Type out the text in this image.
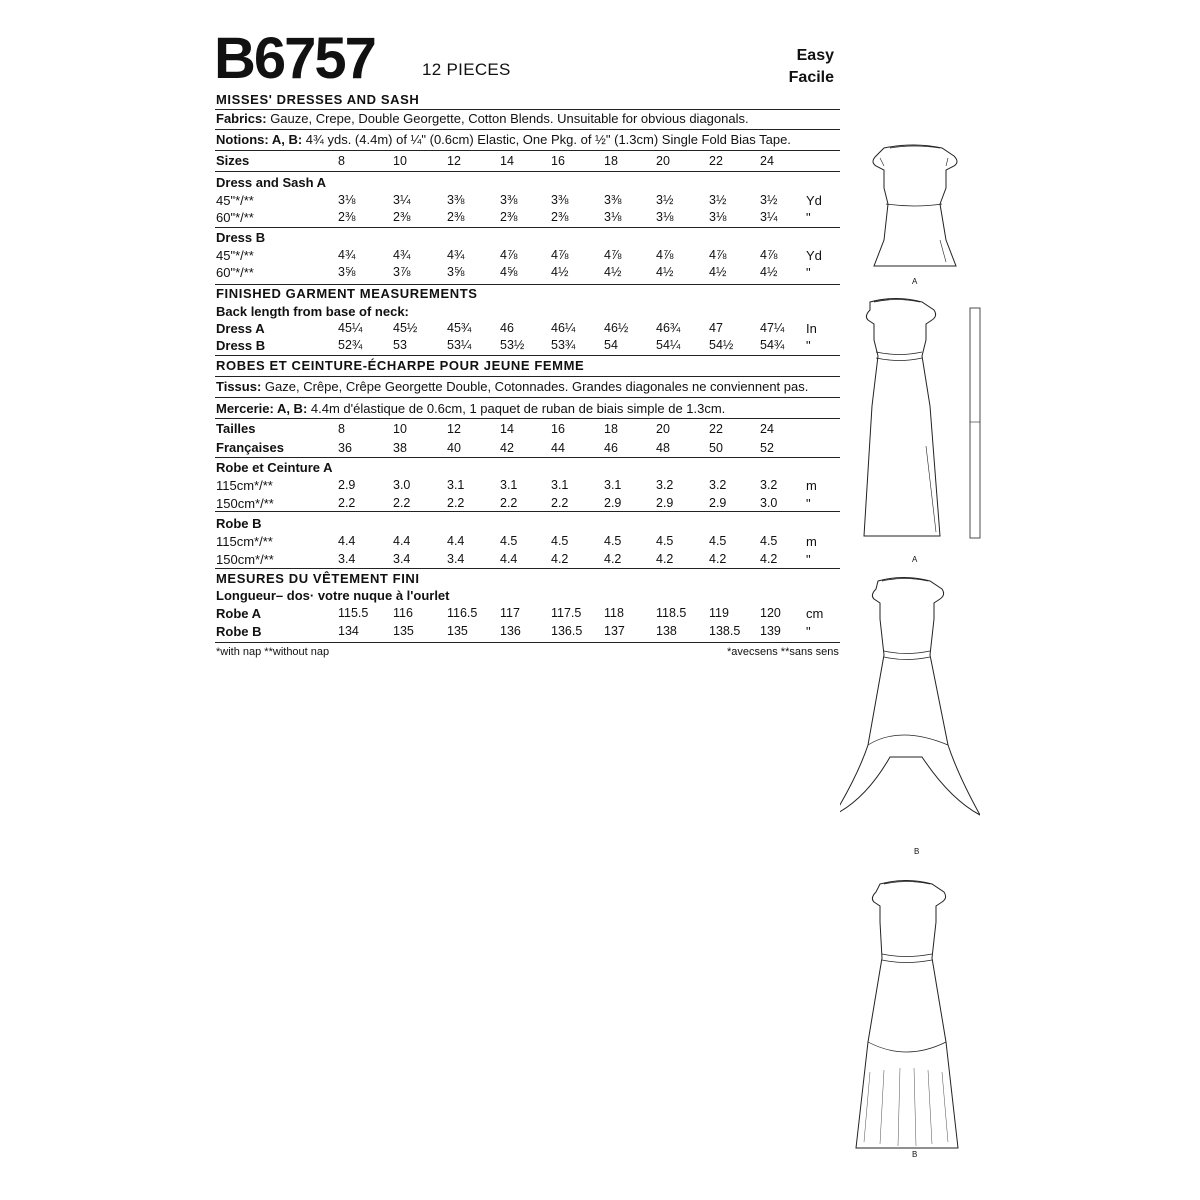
B6757	12 PIECES
Easy
Facile
MISSES' DRESSES AND SASH
Fabrics: Gauze, Crepe, Double Georgette, Cotton Blends. Unsuitable for obvious diagonals.
Notions: A, B: 4¾ yds. (4.4m) of ¼" (0.6cm) Elastic, One Pkg. of ½" (1.3cm) Single Fold Bias Tape.
Sizes	8	10	12	14	16	18	20	22	24
Dress and Sash A
45"*/**	3⅛	3¼	3⅜	3⅜	3⅜	3⅜	3½	3½	3½	Yd
60"*/**	2⅜	2⅜	2⅜	2⅜	2⅜	3⅛	3⅛	3⅛	3¼	"
Dress B
45"*/**	4¾	4¾	4¾	4⅞	4⅞	4⅞	4⅞	4⅞	4⅞	Yd
60"*/**	3⅝	3⅞	3⅝	4⅝	4½	4½	4½	4½	4½	"
FINISHED GARMENT MEASUREMENTS
Back length from base of neck:
Dress A	45¼	45½	45¾	46	46¼	46½	46¾	47	47¼	In
Dress B	52¾	53	53¼	53½	53¾	54	54¼	54½	54¾	"
ROBES ET CEINTURE-ÉCHARPE POUR JEUNE FEMME
Tissus: Gaze, Crêpe, Crêpe Georgette Double, Cotonnades. Grandes diagonales ne conviennent pas.
Mercerie: A, B: 4.4m d'élastique de 0.6cm, 1 paquet de ruban de biais simple de 1.3cm.
Tailles	8	10	12	14	16	18	20	22	24
Françaises	36	38	40	42	44	46	48	50	52
Robe et Ceinture A
115cm*/**	2.9	3.0	3.1	3.1	3.1	3.1	3.2	3.2	3.2	m
150cm*/**	2.2	2.2	2.2	2.2	2.2	2.9	2.9	2.9	3.0	"
Robe B
115cm*/**	4.4	4.4	4.4	4.5	4.5	4.5	4.5	4.5	4.5	m
150cm*/**	3.4	3.4	3.4	4.4	4.2	4.2	4.2	4.2	4.2	"
MESURES DU VÊTEMENT FINI
Longueur– dos· votre nuque à l'ourlet
Robe A	115.5	116	116.5	117	117.5	118	118.5	119	120	cm
Robe B	134	135	135	136	136.5	137	138	138.5	139	"
*with nap **without nap	*avecsens **sans sens
A
A
B
B
